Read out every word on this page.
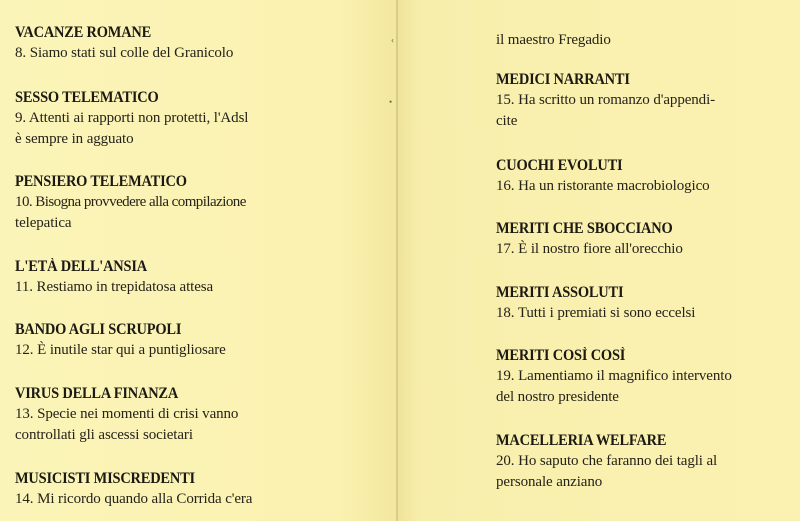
‹
•
VACANZE ROMANE
8. Siamo stati sul colle del Granicolo
SESSO TELEMATICO
9. Attenti ai rapporti non protetti, l'Adsl
è sempre in agguato
PENSIERO TELEMATICO
10. Bisogna provvedere alla compilazione
telepatica
L'ETÀ DELL'ANSIA
11. Restiamo in trepidatosa attesa
BANDO AGLI SCRUPOLI
12. È inutile star qui a puntigliosare
VIRUS DELLA FINANZA
13. Specie nei momenti di crisi vanno
controllati gli ascessi societari
MUSICISTI MISCREDENTI
14. Mi ricordo quando alla Corrida c'era
il maestro Fregadio
MEDICI NARRANTI
15. Ha scritto un romanzo d'appendi-
cite
CUOCHI EVOLUTI
16. Ha un ristorante macrobiologico
MERITI CHE SBOCCIANO
17. È il nostro fiore all'orecchio
MERITI ASSOLUTI
18. Tutti i premiati si sono eccelsi
MERITI COSÌ COSÌ
19. Lamentiamo il magnifico intervento
del nostro presidente
MACELLERIA WELFARE
20. Ho saputo che faranno dei tagli al
personale anziano
